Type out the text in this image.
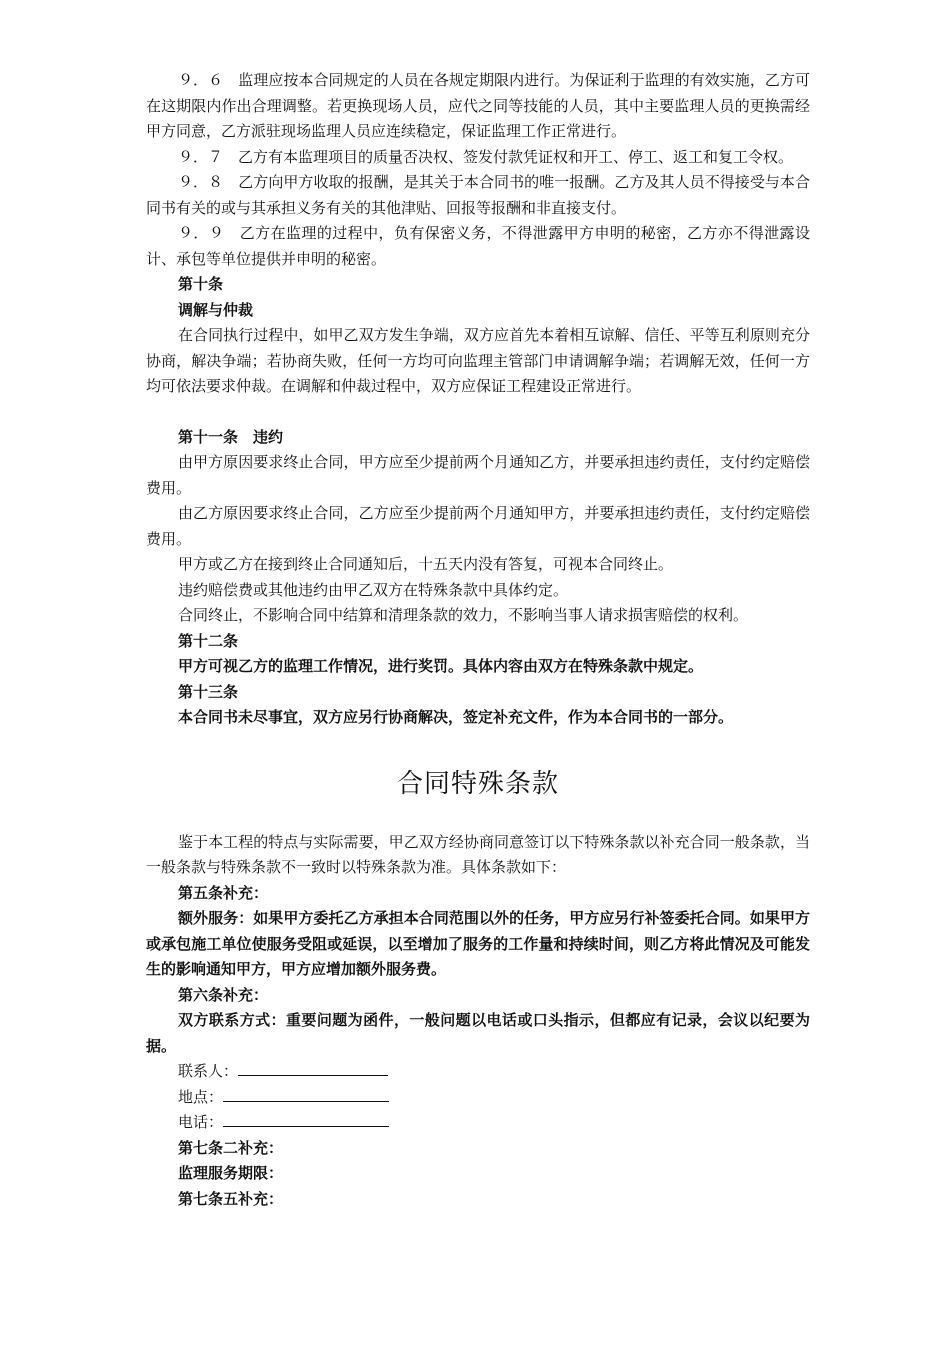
９．６　 监理应按本合同规定的人员在各规定期限内进行。为保证利于监理的有效实施，乙方可在这期限内作出合理调整。若更换现场人员，应代之同等技能的人员，其中主要监理人员的更换需经甲方同意，乙方派驻现场监理人员应连续稳定，保证监理工作正常进行。

９．７　 乙方有本监理项目的质量否决权、签发付款凭证权和开工、停工、返工和复工令权。

９．８　 乙方向甲方收取的报酬，是其关于本合同书的唯一报酬。乙方及其人员不得接受与本合同书有关的或与其承担义务有关的其他津贴、回报等报酬和非直接支付。

９．９　 乙方在监理的过程中，负有保密义务，不得泄露甲方申明的秘密，乙方亦不得泄露设计、承包等单位提供并申明的秘密。

第十条

调解与仲裁

在合同执行过程中，如甲乙双方发生争端，双方应首先本着相互谅解、信任、平等互利原则充分协商，解决争端；若协商失败，任何一方均可向监理主管部门申请调解争端；若调解无效，任何一方均可依法要求仲裁。在调解和仲裁过程中，双方应保证工程建设正常进行。

第十一条　违约

由甲方原因要求终止合同，甲方应至少提前两个月通知乙方，并要承担违约责任，支付约定赔偿费用。

由乙方原因要求终止合同，乙方应至少提前两个月通知甲方，并要承担违约责任，支付约定赔偿费用。

甲方或乙方在接到终止合同通知后，十五天内没有答复，可视本合同终止。

违约赔偿费或其他违约由甲乙双方在特殊条款中具体约定。

合同终止，不影响合同中结算和清理条款的效力，不影响当事人请求损害赔偿的权利。

第十二条

甲方可视乙方的监理工作情况，进行奖罚。具体内容由双方在特殊条款中规定。

第十三条

本合同书未尽事宜，双方应另行协商解决，签定补充文件，作为本合同书的一部分。

合同特殊条款

鉴于本工程的特点与实际需要，甲乙双方经协商同意签订以下特殊条款以补充合同一般条款，当一般条款与特殊条款不一致时以特殊条款为准。具体条款如下：

第五条补充：

额外服务：如果甲方委托乙方承担本合同范围以外的任务，甲方应另行补签委托合同。如果甲方或承包施工单位使服务受阻或延误，以至增加了服务的工作量和持续时间，则乙方将此情况及可能发生的影响通知甲方，甲方应增加额外服务费。

第六条补充：

双方联系方式：重要问题为函件，一般问题以电话或口头指示，但都应有记录，会议以纪要为据。

联系人：

地点：

电话：

第七条二补充：

监理服务期限：

第七条五补充：
